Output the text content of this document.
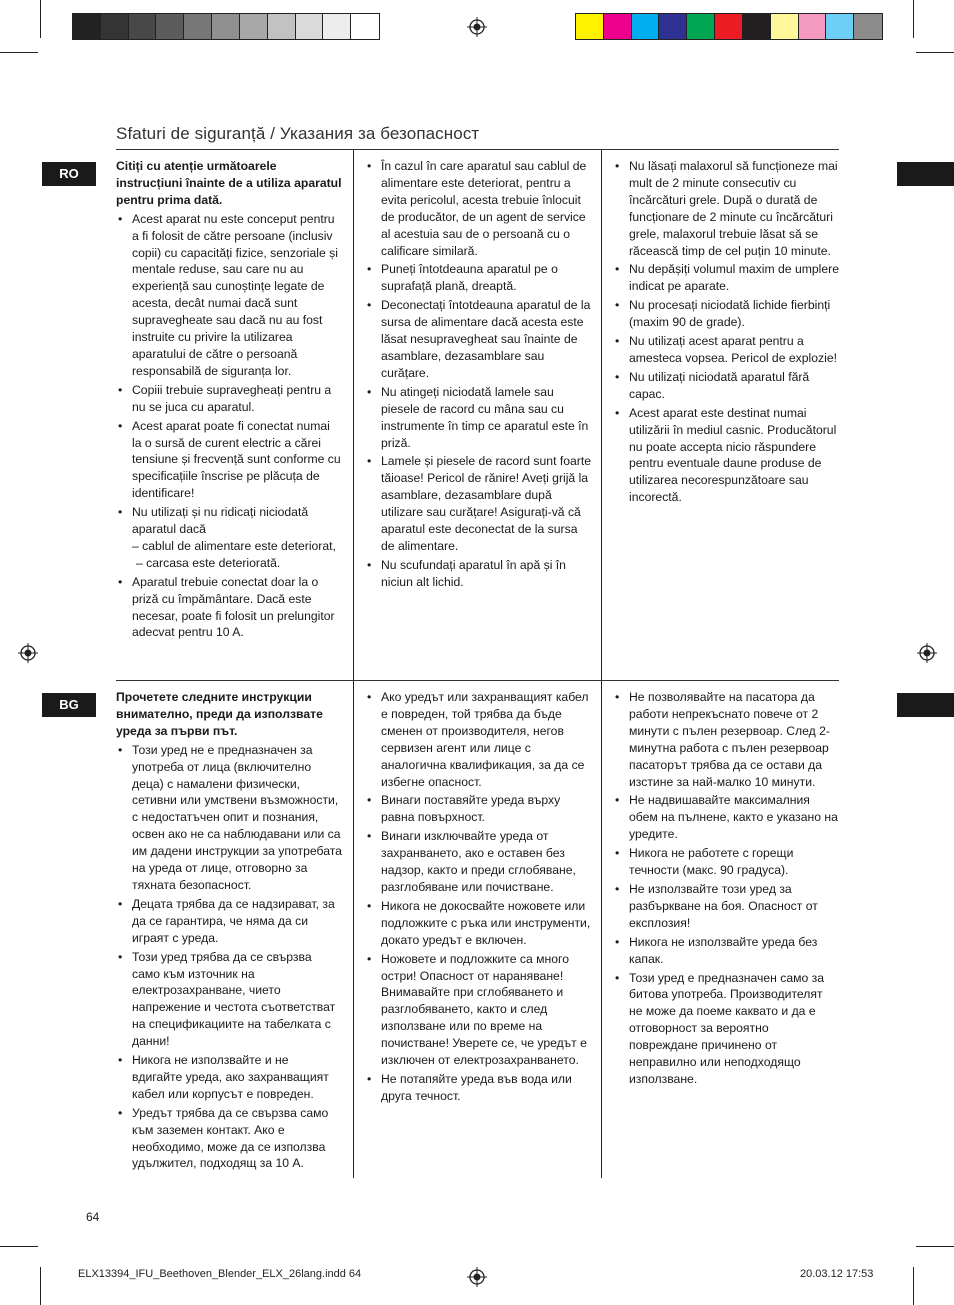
Sfaturi de siguranță / Указания за безопасност
RO	Citiți cu atenție următoarele instrucțiuni înainte de a utiliza aparatul pentru prima dată.

• Acest aparat nu este conceput pentru a fi folosit de către persoane (inclusiv copii) cu capacități fizice, senzoriale și mentale reduse, sau care nu au experiență sau cunoștințe legate de acesta, decât numai dacă sunt supravegheate sau dacă nu au fost instruite cu privire la utilizarea aparatului de către o persoană responsabilă de siguranța lor.
• Copiii trebuie supravegheați pentru a nu se juca cu aparatul.
• Acest aparat poate fi conectat numai la o sursă de curent electric a cărei tensiune și frecvență sunt conforme cu specificațiile înscrise pe plăcuța de identificare!
• Nu utilizați și nu ridicați niciodată aparatul dacă
– cablul de alimentare este deteriorat,
– carcasa este deteriorată.
• Aparatul trebuie conectat doar la o priză cu împământare. Dacă este necesar, poate fi folosit un prelungitor adecvat pentru 10 A.
• În cazul în care aparatul sau cablul de alimentare este deteriorat, pentru a evita pericolul, acesta trebuie înlocuit de producător, de un agent de service al acestuia sau de o persoană cu o calificare similară.
• Puneți întotdeauna aparatul pe o suprafață plană, dreaptă.
• Deconectați întotdeauna aparatul de la sursa de alimentare dacă acesta este lăsat nesupravegheat sau înainte de asamblare, dezasamblare sau curățare.
• Nu atingeți niciodată lamele sau piesele de racord cu mâna sau cu instrumente în timp ce aparatul este în priză.
• Lamele și piesele de racord sunt foarte tăioase! Pericol de rănire! Aveți grijă la asamblare, dezasamblare după utilizare sau curățare! Asigurați-vă că aparatul este deconectat de la sursa de alimentare.
• Nu scufundați aparatul în apă și în niciun alt lichid.
• Nu lăsați malaxorul să funcționeze mai mult de 2 minute consecutiv cu încărcături grele. După o durată de funcționare de 2 minute cu încărcături grele, malaxorul trebuie lăsat să se răcească timp de cel puțin 10 minute.
• Nu depășiți volumul maxim de umplere indicat pe aparate.
• Nu procesați niciodată lichide fierbinți (maxim 90 de grade).
• Nu utilizați acest aparat pentru a amesteca vopsea. Pericol de explozie!
• Nu utilizați niciodată aparatul fără capac.
• Acest aparat este destinat numai utilizării în mediul casnic. Producătorul nu poate accepta nicio răspundere pentru eventuale daune produse de utilizarea necorespunzătoare sau incorectă.
BG	Прочетете следните инструкции внимателно, преди да използвате уреда за първи път.

• Този уред не е предназначен за употреба от лица (включително деца) с намалени физически, сетивни или умствени възможности, с недостатъчен опит и познания, освен ако не са наблюдавани или са им дадени инструкции за употребата на уреда от лице, отговорно за тяхната безопасност.
• Децата трябва да се надзирават, за да се гарантира, че няма да си играят с уреда.
• Този уред трябва да се свързва само към източник на електрозахранване, чието напрежение и честота съответстват на спецификациите на табелката с данни!
• Никога не използвайте и не вдигайте уреда, ако захранващият кабел или корпусът е повреден.
• Уредът трябва да се свързва само към заземен контакт. Ако е необходимо, може да се използва удължител, подходящ за 10 А.
• Ако уредът или захранващият кабел е повреден, той трябва да бъде сменен от производителя, негов сервизен агент или лице с аналогична квалификация, за да се избегне опасност.
• Винаги поставяйте уреда върху равна повърхност.
• Винаги изключвайте уреда от захранването, ако е оставен без надзор, както и преди сглобяване, разглобяване или почистване.
• Никога не докосвайте ножовете или подложките с ръка или инструменти, докато уредът е включен.
• Ножовете и подложките са много остри! Опасност от нараняване! Внимавайте при сглобяването и разглобяването, както и след използване или по време на почистване! Уверете се, че уредът е изключен от електрозахранването.
• Не потапяйте уреда във вода или друга течност.
• Не позволявайте на пасатора да работи непрекъснато повече от 2 минути с пълен резервоар. След 2-минутна работа с пълен резервоар пасаторът трябва да се остави да изстине за най-малко 10 минути.
• Не надвишавайте максималния обем на пълнене, както е указано на уредите.
• Никога не работете с горещи течности (макс. 90 градуса).
• Не използвайте този уред за разбъркване на боя. Опасност от експлозия!
• Никога не използвайте уреда без капак.
• Този уред е предназначен само за битова употреба. Производителят не може да поеме каквато и да е отговорност за вероятно повреждане причинено от неправилно или неподходящо използване.
64
ELX13394_IFU_Beethoven_Blender_ELX_26lang.indd 64	20.03.12 17:53
